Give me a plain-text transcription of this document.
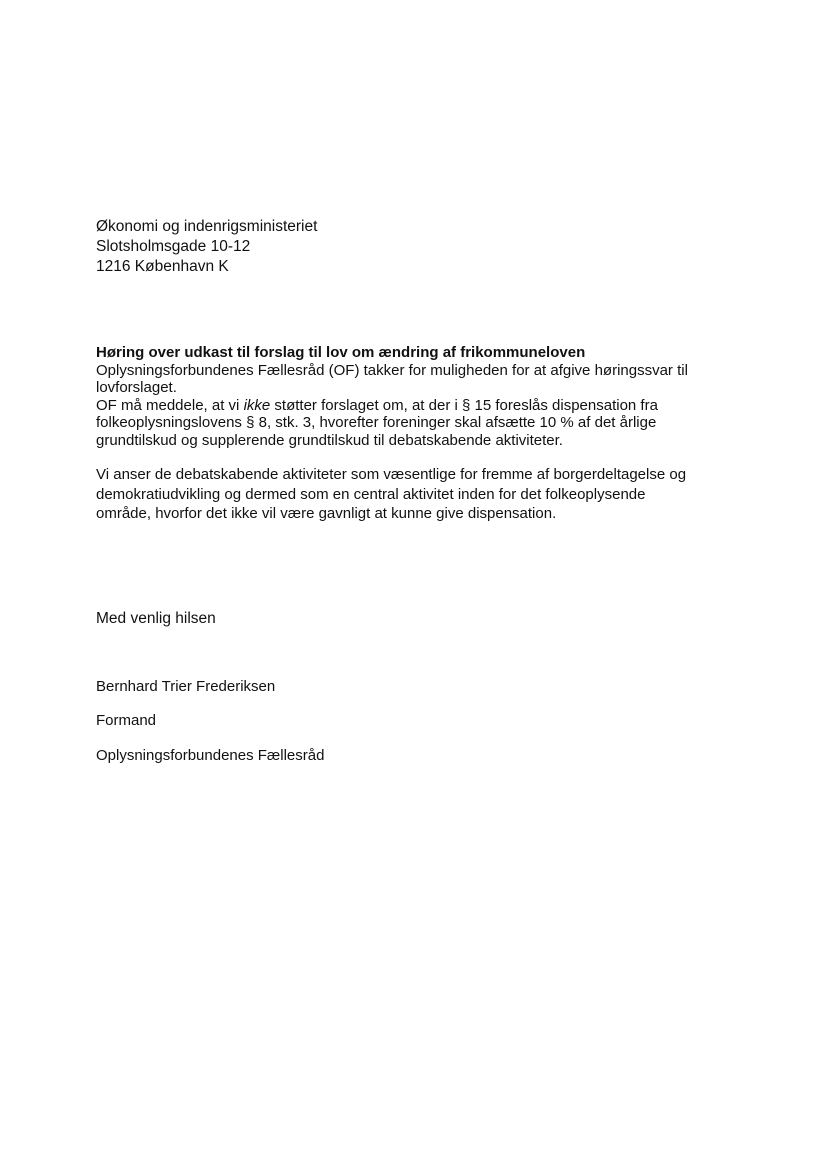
Økonomi og indenrigsministeriet
Slotsholmsgade 10-12
1216 København K
Høring over udkast til forslag til lov om ændring af frikommuneloven
Oplysningsforbundenes Fællesråd (OF) takker for muligheden for at afgive høringssvar til
lovforslaget.
OF må meddele, at vi ikke støtter forslaget om, at der i § 15 foreslås dispensation fra
folkeoplysningslovens § 8, stk. 3, hvorefter foreninger skal afsætte 10 % af det årlige
grundtilskud og supplerende grundtilskud til debatskabende aktiviteter.

Vi anser de debatskabende aktiviteter som væsentlige for fremme af borgerdeltagelse og

demokratiudvikling og dermed som en central aktivitet inden for det folkeoplysende

område, hvorfor det ikke vil være gavnligt at kunne give dispensation.

Med venlig hilsen
Bernhard Trier Frederiksen
Formand
Oplysningsforbundenes Fællesråd
